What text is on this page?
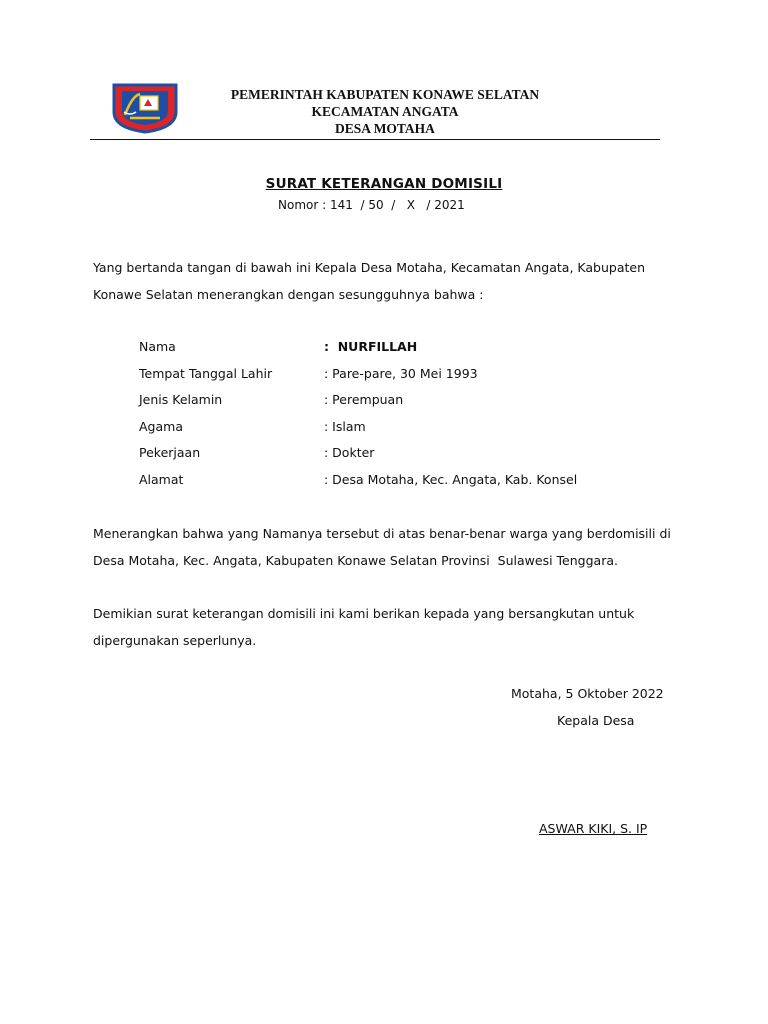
PEMERINTAH KABUPATEN KONAWE SELATAN
KECAMATAN ANGATA
DESA MOTAHA
SURAT KETERANGAN DOMISILI
Nomor : 141  / 50  /   X   / 2021
Yang bertanda tangan di bawah ini Kepala Desa Motaha, Kecamatan Angata, Kabupaten
Konawe Selatan menerangkan dengan sesungguhnya bahwa :
Nama	:  NURFILLAH
Tempat Tanggal Lahir	: Pare-pare, 30 Mei 1993
Jenis Kelamin	: Perempuan
Agama	: Islam
Pekerjaan	: Dokter
Alamat	: Desa Motaha, Kec. Angata, Kab. Konsel
Menerangkan bahwa yang Namanya tersebut di atas benar-benar warga yang berdomisili di
Desa Motaha, Kec. Angata, Kabupaten Konawe Selatan Provinsi  Sulawesi Tenggara.
Demikian surat keterangan domisili ini kami berikan kepada yang bersangkutan untuk
dipergunakan seperlunya.
Motaha, 5 Oktober 2022
Kepala Desa
ASWAR KIKI, S. IP
